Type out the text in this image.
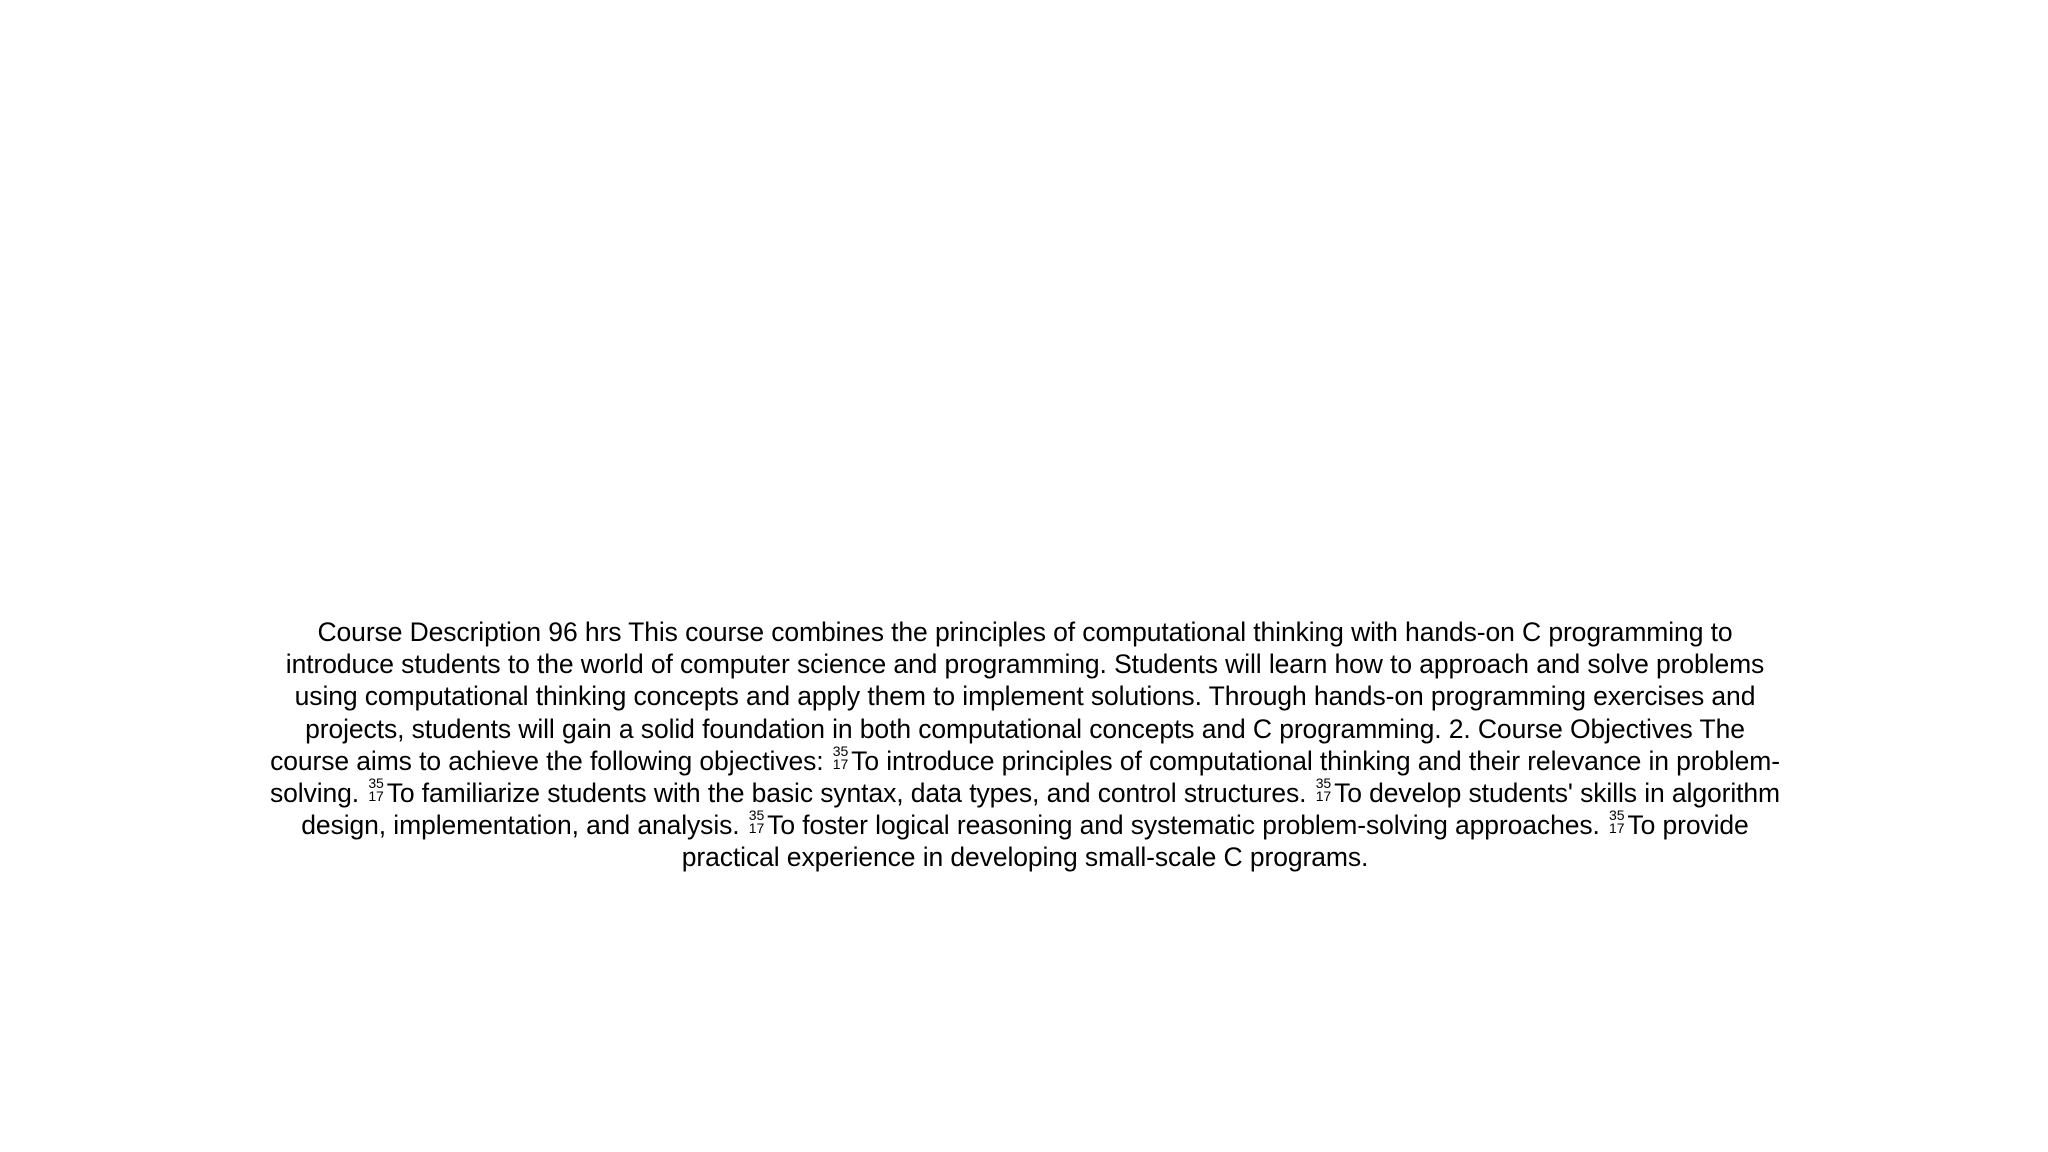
Course Description 96 hrs This course combines the principles of computational thinking with hands-on C programming to introduce students to the world of computer science and programming. Students will learn how to approach and solve problems using computational thinking concepts and apply them to implement solutions. Through hands-on programming exercises and projects, students will gain a solid foundation in both computational concepts and C programming. 2. Course Objectives The course aims to achieve the following objectives: 35
17 To introduce principles of computational thinking and their relevance in problem-solving. 35
17 To familiarize students with the basic syntax, data types, and control structures. 35
17 To develop students' skills in algorithm design, implementation, and analysis. 35
17 To foster logical reasoning and systematic problem-solving approaches. 35
17 To provide practical experience in developing small-scale C programs.
